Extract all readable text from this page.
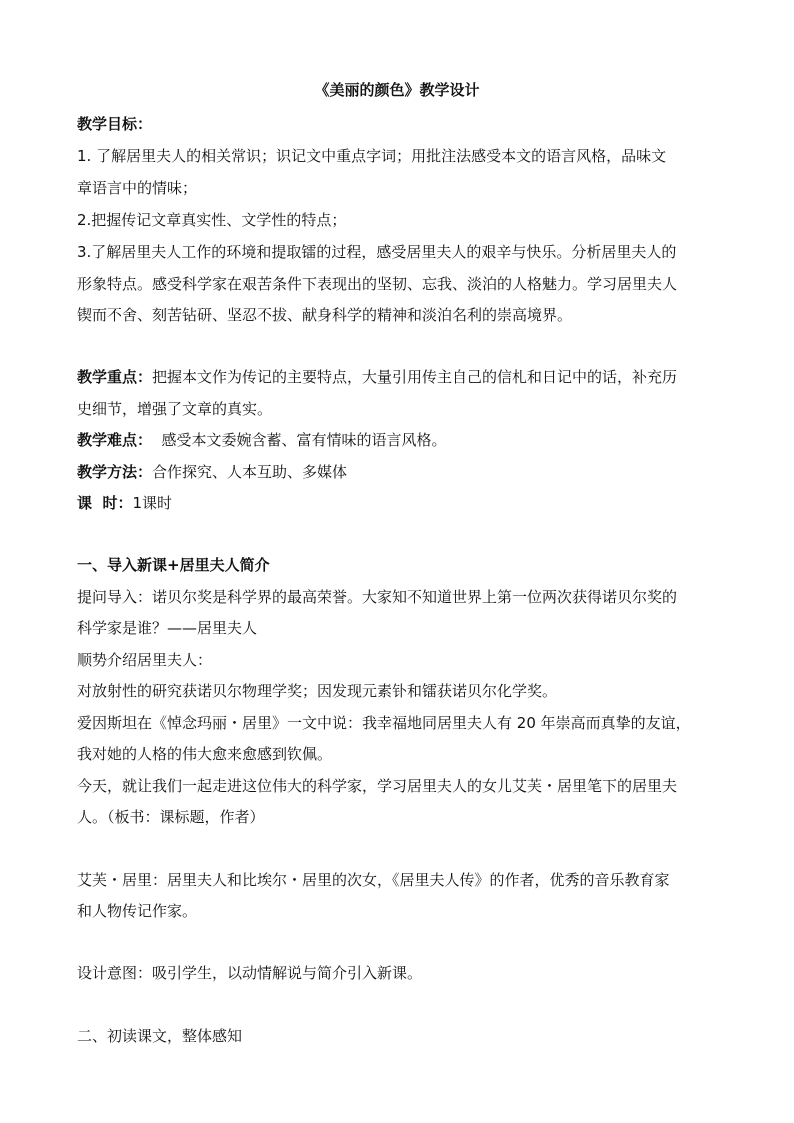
《美丽的颜色》教学设计
教学目标：
1. 了解居里夫人的相关常识；识记文中重点字词；用批注法感受本文的语言风格，品味文
章语言中的情味；
2.把握传记文章真实性、文学性的特点；
3.了解居里夫人工作的环境和提取镭的过程，感受居里夫人的艰辛与快乐。分析居里夫人的
形象特点。感受科学家在艰苦条件下表现出的坚韧、忘我、淡泊的人格魅力。学习居里夫人
锲而不舍、刻苦钻研、坚忍不拔、献身科学的精神和淡泊名利的崇高境界。
教学重点：把握本文作为传记的主要特点，大量引用传主自己的信札和日记中的话，补充历
史细节，增强了文章的真实。
教学难点：  感受本文委婉含蓄、富有情味的语言风格。
教学方法：合作探究、人本互助、多媒体
课  时：1课时
一、导入新课+居里夫人简介
提问导入：诺贝尔奖是科学界的最高荣誉。大家知不知道世界上第一位两次获得诺贝尔奖的
科学家是谁？——居里夫人
顺势介绍居里夫人：
对放射性的研究获诺贝尔物理学奖；因发现元素钋和镭获诺贝尔化学奖。
爱因斯坦在《悼念玛丽・居里》一文中说：我幸福地同居里夫人有 20 年崇高而真挚的友谊，
我对她的人格的伟大愈来愈感到钦佩。
今天，就让我们一起走进这位伟大的科学家，学习居里夫人的女儿艾芙・居里笔下的居里夫
人。（板书：课标题，作者）
艾芙・居里：居里夫人和比埃尔・居里的次女，《居里夫人传》的作者，优秀的音乐教育家
和人物传记作家。
设计意图：吸引学生，以动情解说与简介引入新课。
二、初读课文，整体感知
